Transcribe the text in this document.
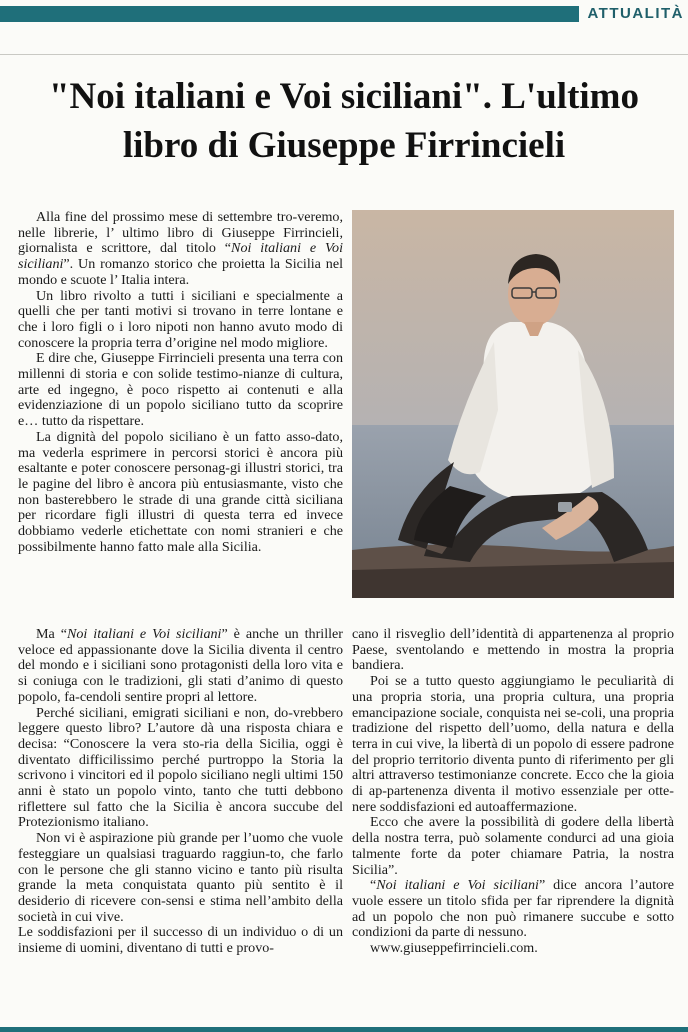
ATTUALITÀ
"Noi italiani e Voi siciliani". L'ultimo
libro di Giuseppe Firrincieli

Alla fine del prossimo mese di settembre tro-veremo, nelle librerie, l’ ultimo libro di Giuseppe Firrincieli, giornalista e scrittore, dal titolo “Noi italiani e Voi siciliani”. Un romanzo storico che proietta la Sicilia nel mondo e scuote l’ Italia intera.

Un libro rivolto a tutti i siciliani e specialmente a quelli che per tanti motivi si trovano in terre lontane e che i loro figli o i loro nipoti non hanno avuto modo di conoscere la propria terra d’origine nel modo migliore.

E dire che, Giuseppe Firrincieli presenta una terra con millenni di storia e con solide testimo-nianze di cultura, arte ed ingegno, è poco rispetto ai contenuti e alla evidenziazione di un popolo siciliano tutto da scoprire e… tutto da rispettare.

La dignità del popolo siciliano è un fatto asso-dato, ma vederla esprimere in percorsi storici è ancora più esaltante e poter conoscere personag-gi illustri storici, tra le pagine del libro è ancora più entusiasmante, visto che non basterebbero le strade di una grande città siciliana per ricordare figli illustri di questa terra ed invece dobbiamo vederle etichettate con nomi stranieri e che possibilmente hanno fatto male alla Sicilia.

Ma “Noi italiani e Voi siciliani” è anche un thriller veloce ed appassionante dove la Sicilia diventa il centro del mondo e i siciliani sono protagonisti della loro vita e si coniuga con le tradizioni, gli stati d’animo di questo popolo, fa-cendoli sentire propri al lettore.

Perché siciliani, emigrati siciliani e non, do-vrebbero leggere questo libro? L’autore dà una risposta chiara e decisa: “Conoscere la vera sto-ria della Sicilia, oggi è diventato difficilissimo perché purtroppo la Storia la scrivono i vincitori ed il popolo siciliano negli ultimi 150 anni è stato un popolo vinto, tanto che tutti debbono riflettere sul fatto che la Sicilia è ancora succube del Protezionismo italiano.

Non vi è aspirazione più grande per l’uomo che vuole festeggiare un qualsiasi traguardo raggiun-to, che farlo con le persone che gli stanno vicino e tanto più risulta grande la meta conquistata quanto più sentito è il desiderio di ricevere con-sensi e stima nell’ambito della società in cui vive.

Le soddisfazioni per il successo di un individuo o di un insieme di uomini, diventano di tutti e provo-

cano il risveglio dell’identità di appartenenza al proprio Paese, sventolando e mettendo in mostra la propria bandiera.

Poi se a tutto questo aggiungiamo le peculiarità di una propria storia, una propria cultura, una propria emancipazione sociale, conquista nei se-coli, una propria tradizione del rispetto dell’uomo, della natura e della terra in cui vive, la libertà di un popolo di essere padrone del proprio territorio diventa punto di riferimento per gli altri attraverso testimonianze concrete. Ecco che la gioia di ap-partenenza diventa il motivo essenziale per otte-nere soddisfazioni ed autoaffermazione.

Ecco che avere la possibilità di godere della libertà della nostra terra, può solamente condurci ad una gioia talmente forte da poter chiamare Patria, la nostra Sicilia”.

“Noi italiani e Voi siciliani” dice ancora l’autore vuole essere un titolo sfida per far riprendere la dignità ad un popolo che non può rimanere succube e sotto condizioni da parte di nessuno.

www.giuseppefirrincieli.com.
